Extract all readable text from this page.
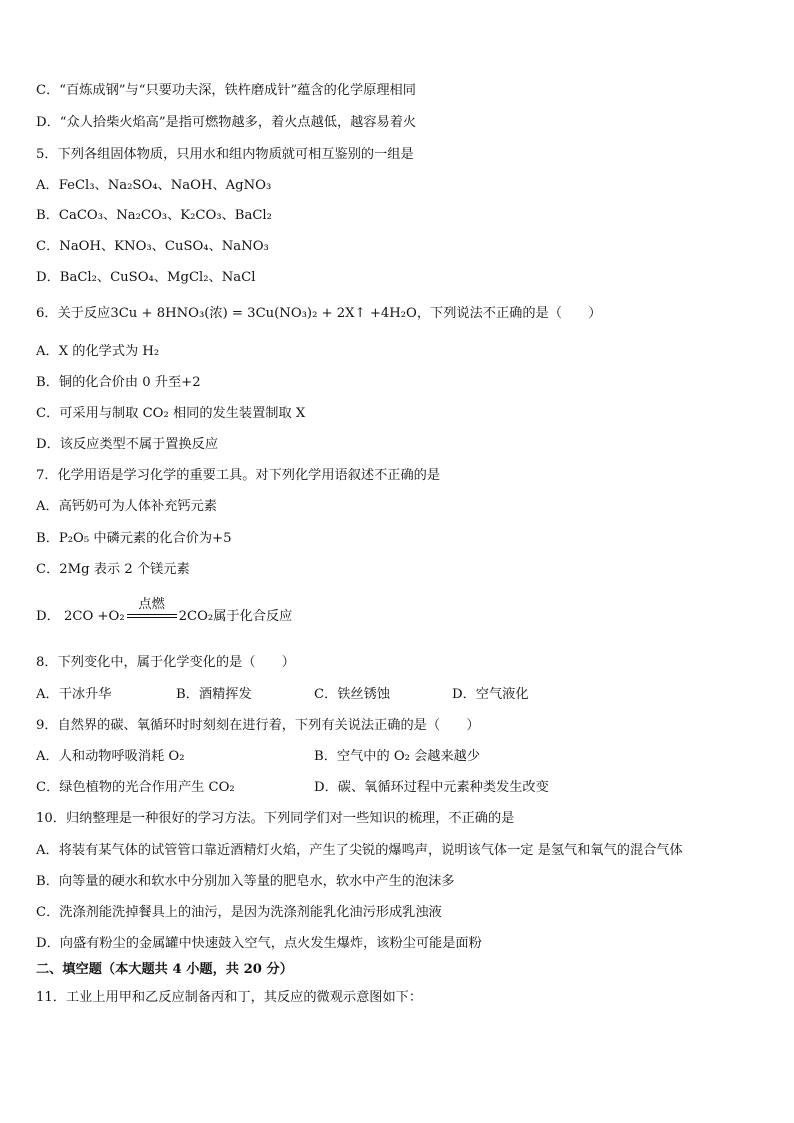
C．“百炼成钢”与“只要功夫深，铁杵磨成针”蕴含的化学原理相同
D．“众人拾柴火焰高”是指可燃物越多，着火点越低，越容易着火
5．下列各组固体物质，只用水和组内物质就可相互鉴别的一组是
A．FeCl₃、Na₂SO₄、NaOH、AgNO₃
B．CaCO₃、Na₂CO₃、K₂CO₃、BaCl₂
C．NaOH、KNO₃、CuSO₄、NaNO₃
D．BaCl₂、CuSO₄、MgCl₂、NaCl
6．关于反应3Cu + 8HNO₃(浓) = 3Cu(NO₃)₂ + 2X↑ +4H₂O，下列说法不正确的是（　　）
A．X 的化学式为 H₂
B．铜的化合价由 0 升至+2
C．可采用与制取 CO₂ 相同的发生装置制取 X
D．该反应类型不属于置换反应
7．化学用语是学习化学的重要工具。对下列化学用语叙述不正确的是
A．高钙奶可为人体补充钙元素
B．P₂O₅ 中磷元素的化合价为+5
C．2Mg 表示 2 个镁元素
D． 2CO +O₂
点燃
2CO₂属于化合反应
8．下列变化中，属于化学变化的是（　　）
A．干冰升华	B．酒精挥发	C．铁丝锈蚀	D．空气液化
9．自然界的碳、氧循环时时刻刻在进行着，下列有关说法正确的是（　　）
A．人和动物呼吸消耗 O₂	B．空气中的 O₂ 会越来越少
C．绿色植物的光合作用产生 CO₂	D．碳、氧循环过程中元素种类发生改变
10．归纳整理是一种很好的学习方法。下列同学们对一些知识的梳理，不正确的是
A．将装有某气体的试管管口靠近酒精灯火焰，产生了尖锐的爆鸣声，说明该气体一定 是氢气和氧气的混合气体
B．向等量的硬水和软水中分别加入等量的肥皂水，软水中产生的泡沫多
C．洗涤剂能洗掉餐具上的油污，是因为洗涤剂能乳化油污形成乳浊液
D．向盛有粉尘的金属罐中快速鼓入空气，点火发生爆炸，该粉尘可能是面粉
二、填空题（本大题共 4 小题，共 20 分）
11．工业上用甲和乙反应制备丙和丁，其反应的微观示意图如下：
